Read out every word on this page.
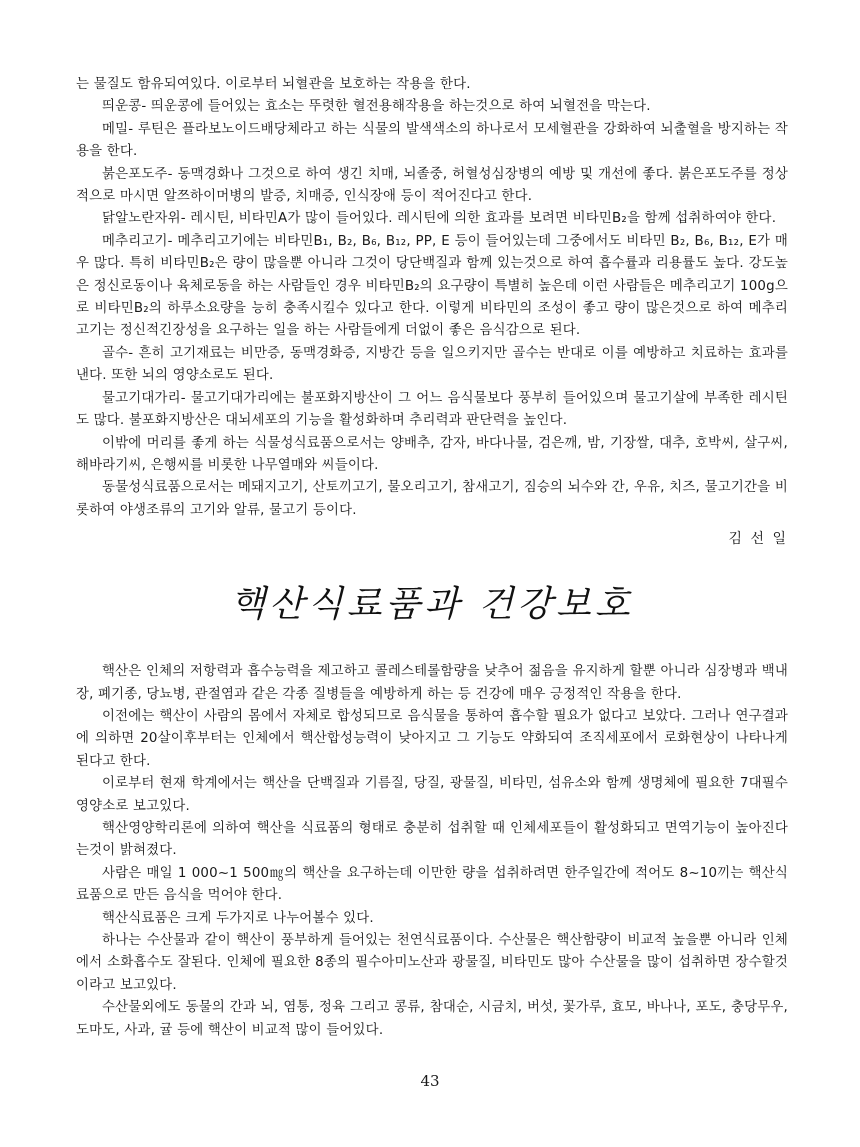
는 물질도 함유되여있다. 이로부터 뇌혈관을 보호하는 작용을 한다.

띄운콩- 띄운콩에 들어있는 효소는 뚜렷한 혈전용해작용을 하는것으로 하여 뇌혈전을 막는다.

메밀- 루틴은 플라보노이드배당체라고 하는 식물의 발색색소의 하나로서 모세혈관을 강화하여 뇌출혈을 방지하는 작용을 한다.

붉은포도주- 동맥경화나 그것으로 하여 생긴 치매, 뇌졸중, 허혈성심장병의 예방 및 개선에 좋다. 붉은포도주를 정상적으로 마시면 알쯔하이머병의 발증, 치매증, 인식장애 등이 적어진다고 한다.

닭알노란자위- 레시틴, 비타민A가 많이 들어있다. 레시틴에 의한 효과를 보려면 비타민B₂을 함께 섭취하여야 한다.

메추리고기- 메추리고기에는 비타민B₁, B₂, B₆, B₁₂, PP, E 등이 들어있는데 그중에서도 비타민 B₂, B₆, B₁₂, E가 매우 많다. 특히 비타민B₂은 량이 많을뿐 아니라 그것이 당단백질과 함께 있는것으로 하여 흡수률과 리용률도 높다. 강도높은 정신로동이나 육체로동을 하는 사람들인 경우 비타민B₂의 요구량이 특별히 높은데 이런 사람들은 메추리고기 100g으로 비타민B₂의 하루소요량을 능히 충족시킬수 있다고 한다. 이렇게 비타민의 조성이 좋고 량이 많은것으로 하여 메추리고기는 정신적긴장성을 요구하는 일을 하는 사람들에게 더없이 좋은 음식감으로 된다.

골수- 흔히 고기재료는 비만증, 동맥경화증, 지방간 등을 일으키지만 골수는 반대로 이를 예방하고 치료하는 효과를 낸다. 또한 뇌의 영양소로도 된다.

물고기대가리- 물고기대가리에는 불포화지방산이 그 어느 음식물보다 풍부히 들어있으며 물고기살에 부족한 레시틴도 많다. 불포화지방산은 대뇌세포의 기능을 활성화하며 추리력과 판단력을 높인다.

이밖에 머리를 좋게 하는 식물성식료품으로서는 양배추, 감자, 바다나물, 검은깨, 밤, 기장쌀, 대추, 호박씨, 살구씨, 해바라기씨, 은행씨를 비롯한 나무열매와 씨들이다.

동물성식료품으로서는 메돼지고기, 산토끼고기, 물오리고기, 참새고기, 짐승의 뇌수와 간, 우유, 치즈, 물고기간을 비롯하여 야생조류의 고기와 알류, 물고기 등이다.

김 선 일
핵산식료품과 건강보호

핵산은 인체의 저항력과 흡수능력을 제고하고 콜레스테롤함량을 낮추어 젊음을 유지하게 할뿐 아니라 심장병과 백내장, 폐기종, 당뇨병, 관절염과 같은 각종 질병들을 예방하게 하는 등 건강에 매우 긍정적인 작용을 한다.

이전에는 핵산이 사람의 몸에서 자체로 합성되므로 음식물을 통하여 흡수할 필요가 없다고 보았다. 그러나 연구결과에 의하면 20살이후부터는 인체에서 핵산합성능력이 낮아지고 그 기능도 약화되여 조직세포에서 로화현상이 나타나게 된다고 한다.

이로부터 현재 학계에서는 핵산을 단백질과 기름질, 당질, 광물질, 비타민, 섬유소와 함께 생명체에 필요한 7대필수영양소로 보고있다.

핵산영양학리론에 의하여 핵산을 식료품의 형태로 충분히 섭취할 때 인체세포들이 활성화되고 면역기능이 높아진다는것이 밝혀졌다.

사람은 매일 1 000~1 500㎎의 핵산을 요구하는데 이만한 량을 섭취하려면 한주일간에 적어도 8~10끼는 핵산식료품으로 만든 음식을 먹어야 한다.

핵산식료품은 크게 두가지로 나누어볼수 있다.

하나는 수산물과 같이 핵산이 풍부하게 들어있는 천연식료품이다. 수산물은 핵산함량이 비교적 높을뿐 아니라 인체에서 소화흡수도 잘된다. 인체에 필요한 8종의 필수아미노산과 광물질, 비타민도 많아 수산물을 많이 섭취하면 장수할것이라고 보고있다.

수산물외에도 동물의 간과 뇌, 염통, 정육 그리고 콩류, 참대순, 시금치, 버섯, 꽃가루, 효모, 바나나, 포도, 충당무우, 도마도, 사과, 귤 등에 핵산이 비교적 많이 들어있다.

43
